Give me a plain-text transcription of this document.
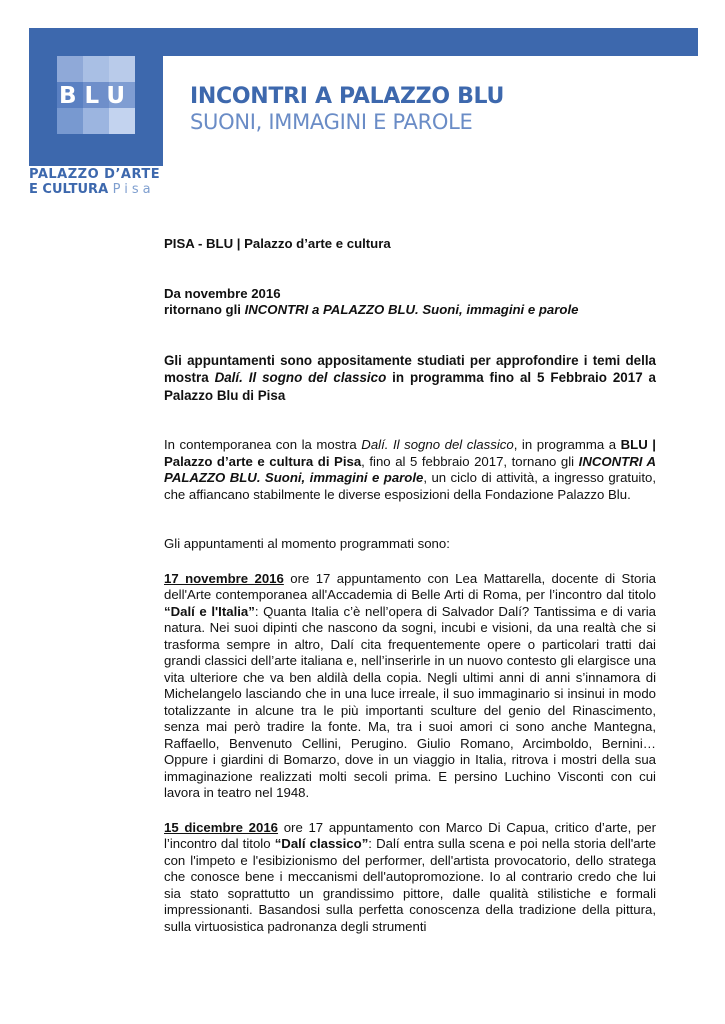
BLU
PALAZZO D’ARTE
E CULTURA Pisa
INCONTRI A PALAZZO BLU
SUONI, IMMAGINI E PAROLE

PISA - BLU | Palazzo d’arte e cultura

Da novembre 2016

ritornano gli INCONTRI a PALAZZO BLU. Suoni, immagini e parole

Gli appuntamenti sono appositamente studiati per approfondire i temi della mostra Dalí. Il sogno del classico in programma fino al 5 Febbraio 2017 a Palazzo Blu di Pisa

In contemporanea con la mostra Dalí. Il sogno del classico, in programma a BLU | Palazzo d’arte e cultura di Pisa, fino al 5 febbraio 2017, tornano gli INCONTRI A PALAZZO BLU. Suoni, immagini e parole, un ciclo di attività, a ingresso gratuito, che affiancano stabilmente le diverse esposizioni della Fondazione Palazzo Blu.

Gli appuntamenti al momento programmati sono:

17 novembre 2016 ore 17 appuntamento con Lea Mattarella, docente di Storia dell'Arte contemporanea all'Accademia di Belle Arti di Roma, per l’incontro dal titolo “Dalí e l'Italia”: Quanta Italia c’è nell’opera di Salvador Dalí? Tantissima e di varia natura. Nei suoi dipinti che nascono da sogni, incubi e visioni, da una realtà che si trasforma sempre in altro, Dalí cita frequentemente opere o particolari tratti dai grandi classici dell’arte italiana e, nell’inserirle in un nuovo contesto gli elargisce una vita ulteriore che va ben aldilà della copia. Negli ultimi anni di anni s’innamora di Michelangelo lasciando che in una luce irreale, il suo immaginario si insinui in modo totalizzante in alcune tra le più importanti sculture del genio del Rinascimento, senza mai però tradire la fonte. Ma, tra i suoi amori ci sono anche Mantegna, Raffaello, Benvenuto Cellini, Perugino. Giulio Romano, Arcimboldo, Bernini… Oppure i giardini di Bomarzo, dove in un viaggio in Italia, ritrova i mostri della sua immaginazione realizzati molti secoli prima. E persino Luchino Visconti con cui lavora in teatro nel 1948.

15 dicembre 2016 ore 17 appuntamento con Marco Di Capua, critico d’arte, per l’incontro dal titolo “Dalí classico”: Dalí entra sulla scena e poi nella storia dell'arte con l'impeto e l'esibizionismo del performer, dell'artista provocatorio, dello stratega che conosce bene i meccanismi dell'autopromozione. Io al contrario credo che lui sia stato soprattutto un grandissimo pittore, dalle qualità stilistiche e formali impressionanti. Basandosi sulla perfetta conoscenza della tradizione della pittura, sulla virtuosistica padronanza degli strumenti
